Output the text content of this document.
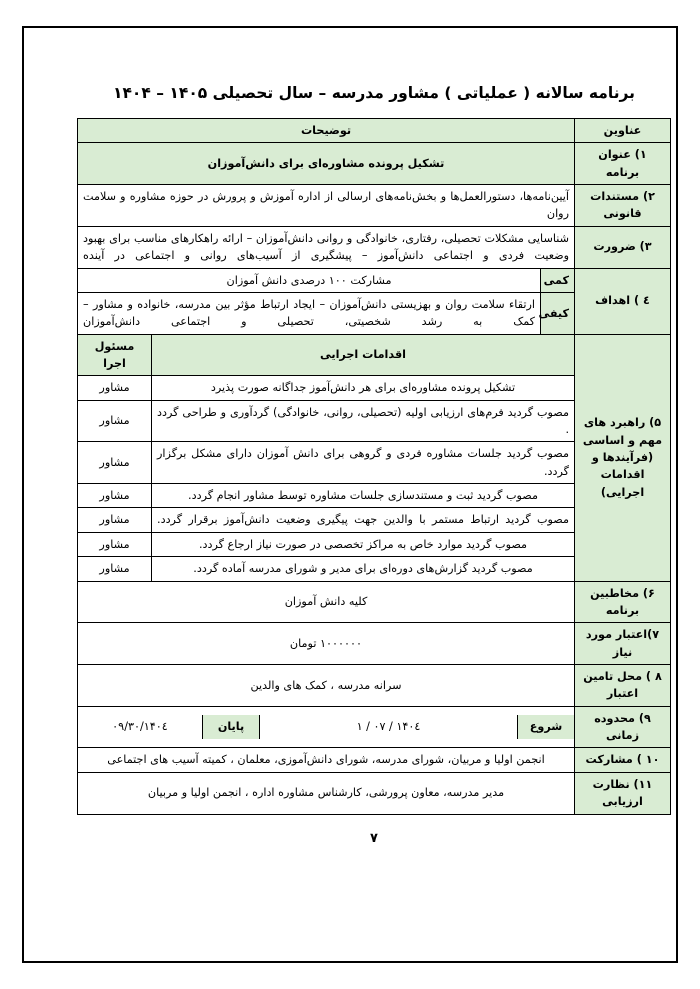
برنامه سالانه ( عملیاتی ) مشاور مدرسه – سال تحصیلی ۱۴۰۵ – ۱۴۰۴
عناوین	توضیحات
۱) عنوان برنامه	تشکیل پرونده مشاوره‌ای برای دانش‌آموزان
۲) مستندات قانونی	آیین‌نامه‌ها، دستورالعمل‌ها و بخش‌نامه‌های ارسالی از اداره آموزش و پرورش در حوزه مشاوره و سلامت روان
۳) ضرورت	شناسایی مشکلات تحصیلی، رفتاری، خانوادگی و روانی دانش‌آموزان – ارائه راهکارهای مناسب برای بهبود وضعیت فردی و اجتماعی دانش‌آموز – پیشگیری از آسیب‌های روانی و اجتماعی در آینده
٤ ) اهداف	کمی	مشارکت ۱۰۰ درصدی دانش آموزان
کیفی	ارتقاء سلامت روان و بهزیستی دانش‌آموزان – ایجاد ارتباط مؤثر بین مدرسه، خانواده و مشاور – کمک به رشد شخصیتی، تحصیلی و اجتماعی دانش‌آموزان
۵) راهبرد های مهم و اساسی (فرآیندها و اقدامات اجرایی)	اقدامات اجرایی	مسئول اجرا
تشکیل پرونده مشاوره‌ای برای هر دانش‌آموز جداگانه صورت پذیرد	مشاور
مصوب گردید فرم‌های ارزیابی اولیه (تحصیلی، روانی، خانوادگی) گردآوری و طراحی گردد .	مشاور
مصوب گردید جلسات مشاوره فردی و گروهی برای دانش آموزان دارای مشکل برگزار گردد.	مشاور
مصوب گردید ثبت و مستندسازی جلسات مشاوره توسط مشاور انجام گردد.	مشاور
مصوب گردید ارتباط مستمر با والدین جهت پیگیری وضعیت دانش‌آموز برقرار گردد.	مشاور
مصوب گردید موارد خاص به مراکز تخصصی در صورت نیاز ارجاع گردد.	مشاور
مصوب گردید گزارش‌های دوره‌ای برای مدیر و شورای مدرسه آماده گردد.	مشاور
۶) مخاطبین برنامه	کلیه دانش آموزان
۷)اعتبار مورد نیاز	۱۰۰۰۰۰۰ تومان
۸ ) محل تامین اعتبار	سرانه مدرسه ، کمک های والدین
۹) محدوده زمانی	
شروع	۱۴۰٤ / ۰۷ / ۱	پایان	۱۴۰٤/۰۹/۳۰

۱۰ ) مشارکت	انجمن اولیا و مربیان، شورای مدرسه، شورای دانش‌آموزی، معلمان ، کمیته آسیب های اجتماعی
۱۱) نظارت ارزیابی	مدیر مدرسه، معاون پرورشی، کارشناس مشاوره اداره ، انجمن اولیا و مربیان
۷
